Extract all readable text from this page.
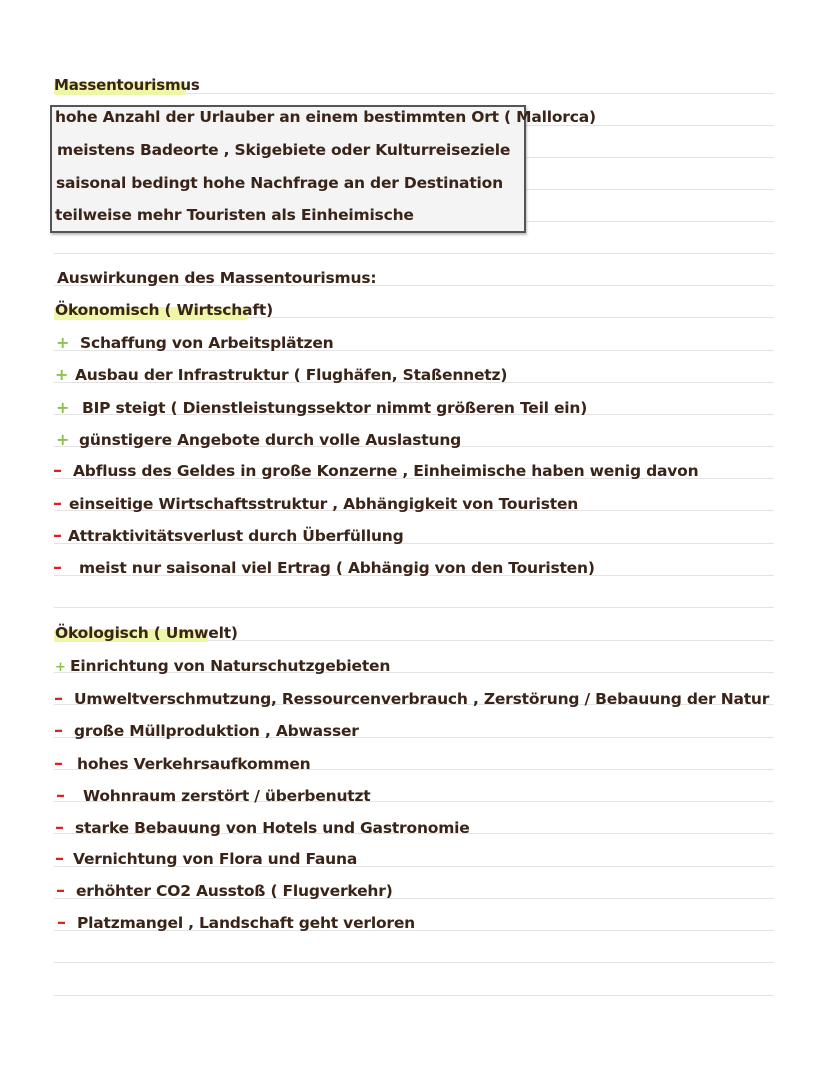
Massentourismus
hohe Anzahl der Urlauber an einem bestimmten Ort ( Mallorca)
meistens Badeorte , Skigebiete oder Kulturreiseziele
saisonal bedingt hohe Nachfrage an der Destination
teilweise mehr Touristen als Einheimische
Auswirkungen des Massentourismus:
Ökonomisch ( Wirtschaft)
+ Schaffung von Arbeitsplätzen
+ Ausbau der Infrastruktur ( Flughäfen, Staßennetz)
+ BIP steigt ( Dienstleistungssektor nimmt größeren Teil ein)
+ günstigere Angebote durch volle Auslastung
– Abfluss des Geldes in große Konzerne , Einheimische haben wenig davon
– einseitige Wirtschaftsstruktur , Abhängigkeit von Touristen
– Attraktivitätsverlust durch Überfüllung
– meist nur saisonal viel Ertrag ( Abhängig von den Touristen)
Ökologisch ( Umwelt)
+ Einrichtung von Naturschutzgebieten
– Umweltverschmutzung, Ressourcenverbrauch , Zerstörung / Bebauung der Natur
– große Müllproduktion , Abwasser
– hohes Verkehrsaufkommen
– Wohnraum zerstört / überbenutzt
– starke Bebauung von Hotels und Gastronomie
– Vernichtung von Flora und Fauna
– erhöhter CO2 Ausstoß ( Flugverkehr)
– Platzmangel , Landschaft geht verloren
